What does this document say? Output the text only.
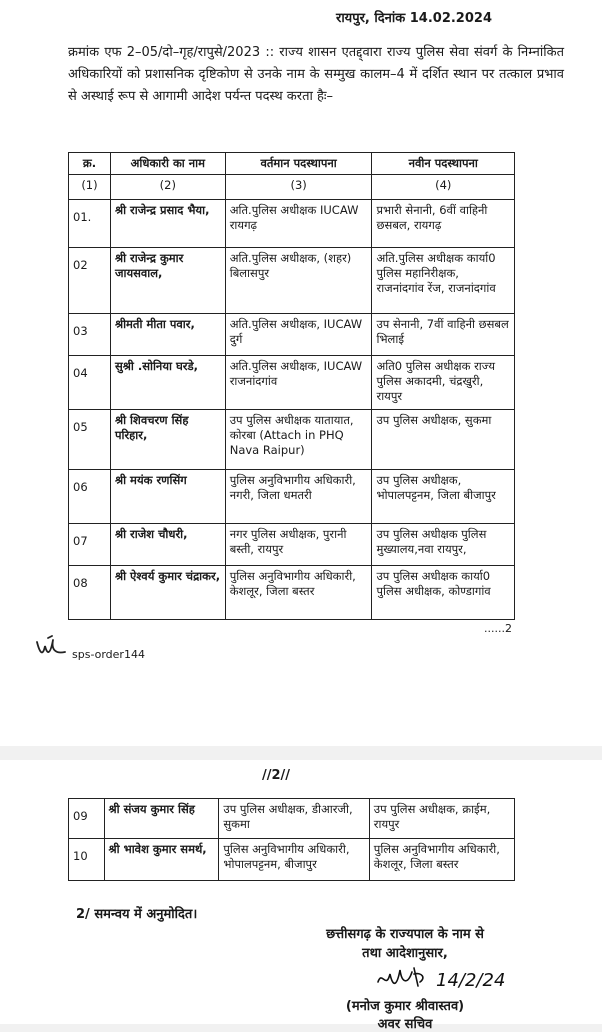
रायपुर, दिनांक 14.02.2024
क्रमांक एफ 2–05/दो–गृह/रापुसे/2023 :: राज्य शासन एतद्द्वारा राज्य पुलिस सेवा संवर्ग के निम्नांकित अधिकारियों को प्रशासनिक दृष्टिकोण से उनके नाम के सम्मुख कालम–4 में दर्शित स्थान पर तत्काल प्रभाव से अस्थाई रूप से आगामी आदेश पर्यन्त पदस्थ करता हैः–
क्र.	अधिकारी का नाम	वर्तमान पदस्थापना	नवीन पदस्थापना
(1)	(2)	(3)	(4)
01.	श्री राजेन्द्र प्रसाद भैया,	अति.पुलिस अधीक्षक IUCAW रायगढ़	प्रभारी सेनानी, 6वीं वाहिनी छसबल, रायगढ़
02	श्री राजेन्द्र कुमार जायसवाल,	अति.पुलिस अधीक्षक, (शहर) बिलासपुर	अति.पुलिस अधीक्षक कार्या0 पुलिस महानिरीक्षक, राजनांदगांव रेंज, राजनांदगांव
03	श्रीमती मीता पवार,	अति.पुलिस अधीक्षक, IUCAW दुर्ग	उप सेनानी, 7वीं वाहिनी छसबल भिलाई
04	सुश्री .सोनिया घरडे,	अति.पुलिस अधीक्षक, IUCAW राजनांदगांव	अति0 पुलिस अधीक्षक राज्य पुलिस अकादमी, चंद्रखुरी, रायपुर
05	श्री शिवचरण सिंह परिहार,	उप पुलिस अधीक्षक यातायात, कोरबा (Attach in PHQ Nava Raipur)	उप पुलिस अधीक्षक, सुकमा
06	श्री मयंक रणसिंग	पुलिस अनुविभागीय अधिकारी, नगरी, जिला धमतरी	उप पुलिस अधीक्षक, भोपालपट्टनम, जिला बीजापुर
07	श्री राजेश चौधरी,	नगर पुलिस अधीक्षक, पुरानी बस्ती, रायपुर	उप पुलिस अधीक्षक पुलिस मुख्यालय,नवा रायपुर,
08	श्री ऐश्वर्य कुमार चंद्राकर,	पुलिस अनुविभागीय अधिकारी, केशलूर, जिला बस्तर	उप पुलिस अधीक्षक कार्या0 पुलिस अधीक्षक, कोण्डागांव
......2
sps-order144
//2//
09	श्री संजय कुमार सिंह	उप पुलिस अधीक्षक, डीआरजी, सुकमा	उप पुलिस अधीक्षक, क्राईम, रायपुर
10	श्री भावेश कुमार समर्थ,	पुलिस अनुविभागीय अधिकारी, भोपालपट्टनम, बीजापुर	पुलिस अनुविभागीय अधिकारी, केशलूर, जिला बस्तर
2/ समन्वय में अनुमोदित।
छत्तीसगढ़ के राज्यपाल के नाम से
तथा आदेशानुसार,
14/2/24
(मनोज कुमार श्रीवास्तव)
अवर सचिव
